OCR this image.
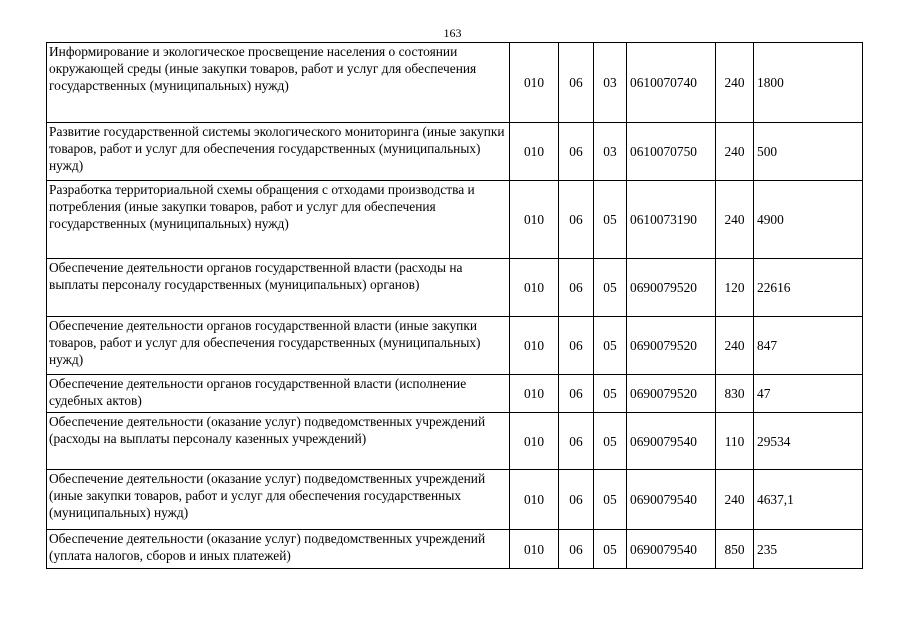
163
Информирование и экологическое просвещение населения о состоянии окружающей среды (иные закупки товаров, работ и услуг для обеспечения государственных (муниципальных) нужд)	010	06	03	0610070740	240	1800
Развитие государственной системы экологического мониторинга (иные закупки товаров, работ и услуг для обеспечения государственных (муниципальных) нужд)	010	06	03	0610070750	240	500
Разработка территориальной схемы обращения с отходами производства и потребления (иные закупки товаров, работ и услуг для обеспечения государственных (муниципальных) нужд)	010	06	05	0610073190	240	4900
Обеспечение деятельности органов государственной власти (расходы на выплаты персоналу государственных (муниципальных) органов)	010	06	05	0690079520	120	22616
Обеспечение деятельности органов государственной власти (иные закупки товаров, работ и услуг для обеспечения государственных (муниципальных) нужд)	010	06	05	0690079520	240	847
Обеспечение деятельности органов государственной власти (исполнение судебных актов)	010	06	05	0690079520	830	47
Обеспечение деятельности (оказание услуг) подведомственных учреждений (расходы на выплаты персоналу казенных учреждений)	010	06	05	0690079540	110	29534
Обеспечение деятельности (оказание услуг) подведомственных учреждений (иные закупки товаров, работ и услуг для обеспечения государственных (муниципальных) нужд)	010	06	05	0690079540	240	4637,1
Обеспечение деятельности (оказание услуг) подведомственных учреждений (уплата налогов, сборов и иных платежей)	010	06	05	0690079540	850	235
